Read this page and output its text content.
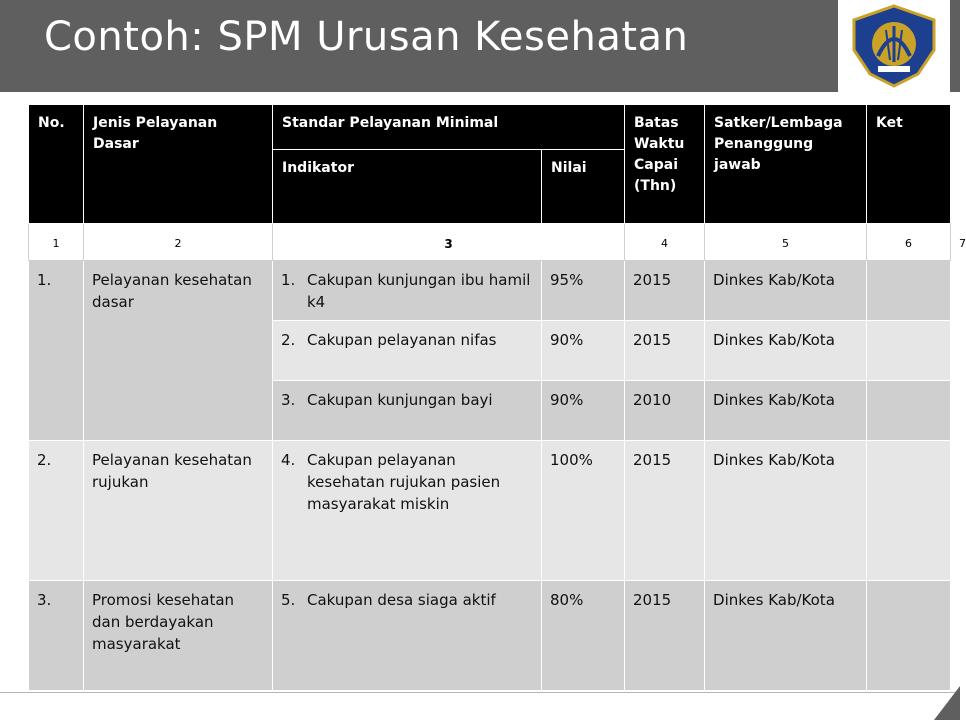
Contoh: SPM Urusan Kesehatan
No.	Jenis Pelayanan Dasar	Standar Pelayanan Minimal		Batas Waktu Capai (Thn)	Satker/Lembaga Penanggung jawab	Ket	
		Indikator	Nilai				
1	2	3		4	5	6	7
1.	Pelayanan kesehatan dasar	1. Cakupan kunjungan ibu hamil k4	95%	2015	Dinkes Kab/Kota		

		2. Cakupan pelayanan nifas	90%	2015	Dinkes Kab/Kota		

		3. Cakupan kunjungan bayi	90%	2010	Dinkes Kab/Kota		
2.	Pelayanan kesehatan rujukan	4. Cakupan pelayanan kesehatan rujukan pasien masyarakat miskin	100%	2015	Dinkes Kab/Kota		
3.	Promosi kesehatan dan berdayakan masyarakat	5. Cakupan desa siaga aktif	80%	2015	Dinkes Kab/Kota		
